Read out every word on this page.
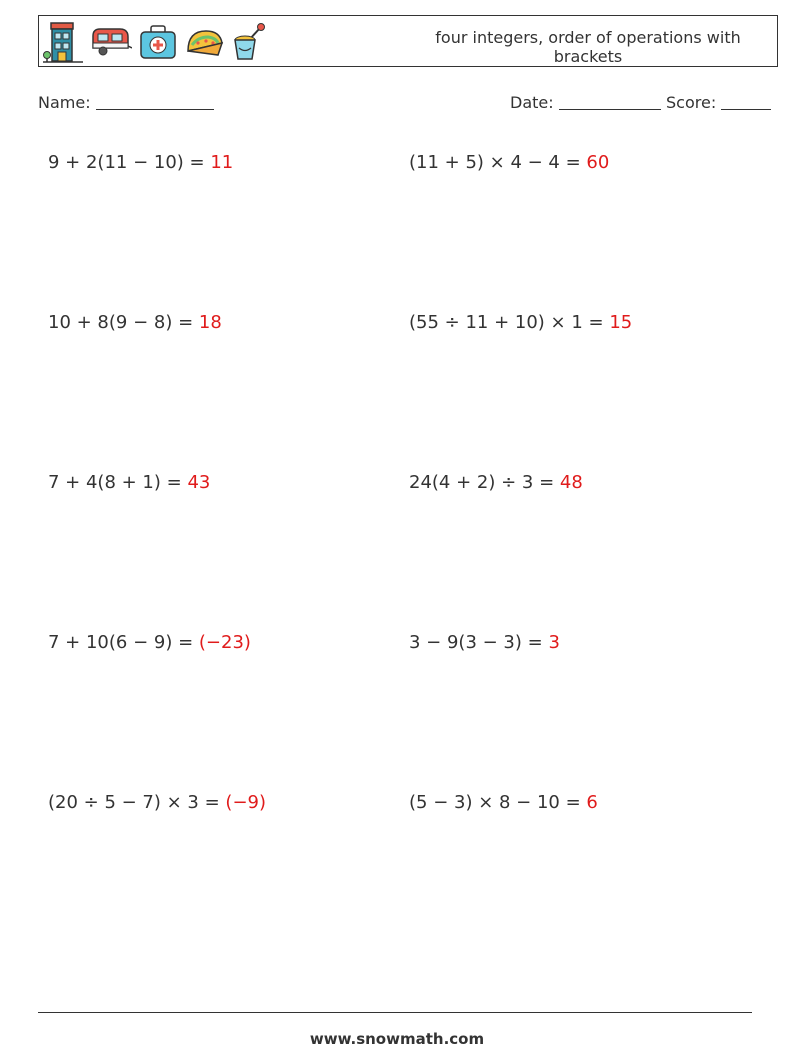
four integers, order of operations with brackets
Name:	Date:	Score:
9 + 2(11 − 10) = 11	(11 + 5) × 4 − 4 = 60
10 + 8(9 − 8) = 18	(55 ÷ 11 + 10) × 1 = 15
7 + 4(8 + 1) = 43	24(4 + 2) ÷ 3 = 48
7 + 10(6 − 9) = (−23)	3 − 9(3 − 3) = 3
(20 ÷ 5 − 7) × 3 = (−9)	(5 − 3) × 8 − 10 = 6
www.snowmath.com
